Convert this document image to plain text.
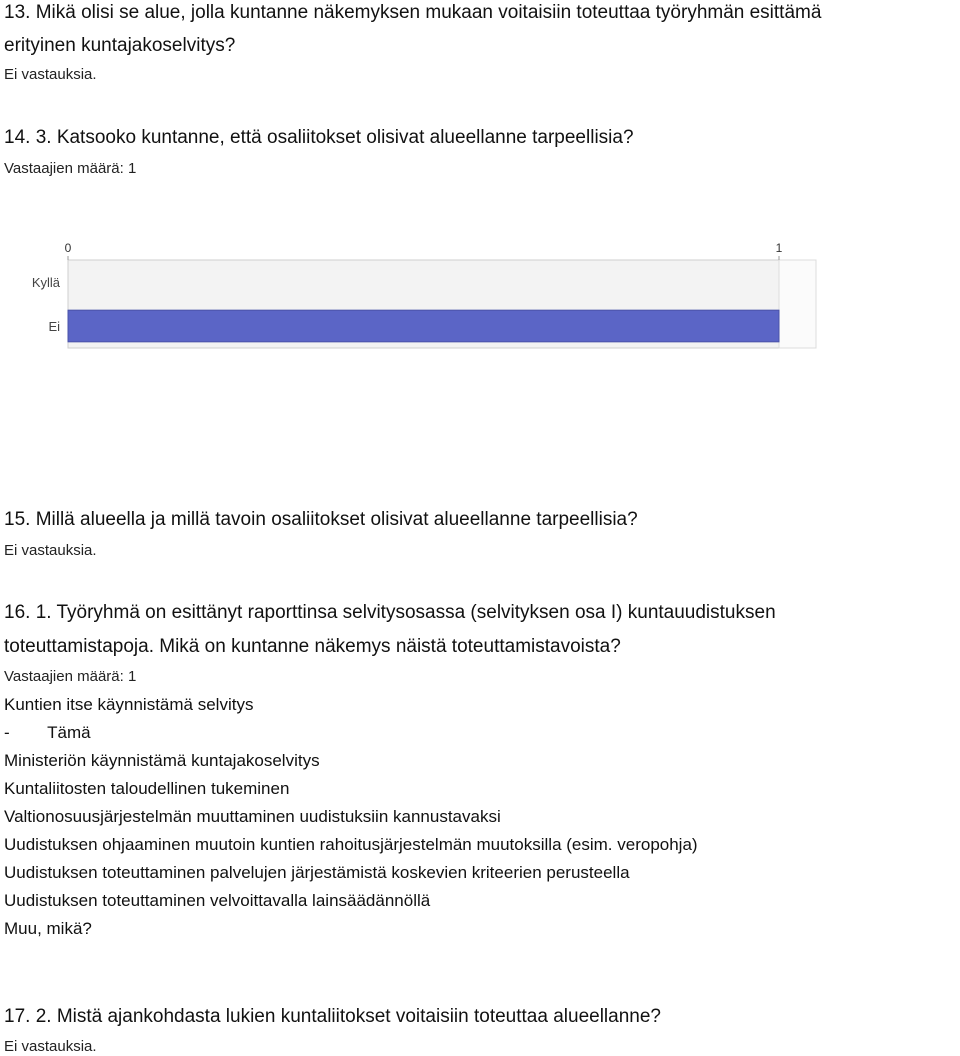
13. Mikä olisi se alue, jolla kuntanne näkemyksen mukaan voitaisiin toteuttaa työryhmän esittämä
erityinen kuntajakoselvitys?
Ei vastauksia.
14. 3. Katsooko kuntanne, että osaliitokset olisivat alueellanne tarpeellisia?
Vastaajien määrä: 1
0	1
Kyllä
Ei
15. Millä alueella ja millä tavoin osaliitokset olisivat alueellanne tarpeellisia?
Ei vastauksia.
16. 1. Työryhmä on esittänyt raporttinsa selvitysosassa (selvityksen osa I) kuntauudistuksen
toteuttamistapoja. Mikä on kuntanne näkemys näistä toteuttamistavoista?
Vastaajien määrä: 1
Kuntien itse käynnistämä selvitys
-        Tämä
Ministeriön käynnistämä kuntajakoselvitys
Kuntaliitosten taloudellinen tukeminen
Valtionosuusjärjestelmän muuttaminen uudistuksiin kannustavaksi
Uudistuksen ohjaaminen muutoin kuntien rahoitusjärjestelmän muutoksilla (esim. veropohja)
Uudistuksen toteuttaminen palvelujen järjestämistä koskevien kriteerien perusteella
Uudistuksen toteuttaminen velvoittavalla lainsäädännöllä
Muu, mikä?
17. 2. Mistä ajankohdasta lukien kuntaliitokset voitaisiin toteuttaa alueellanne?
Ei vastauksia.
